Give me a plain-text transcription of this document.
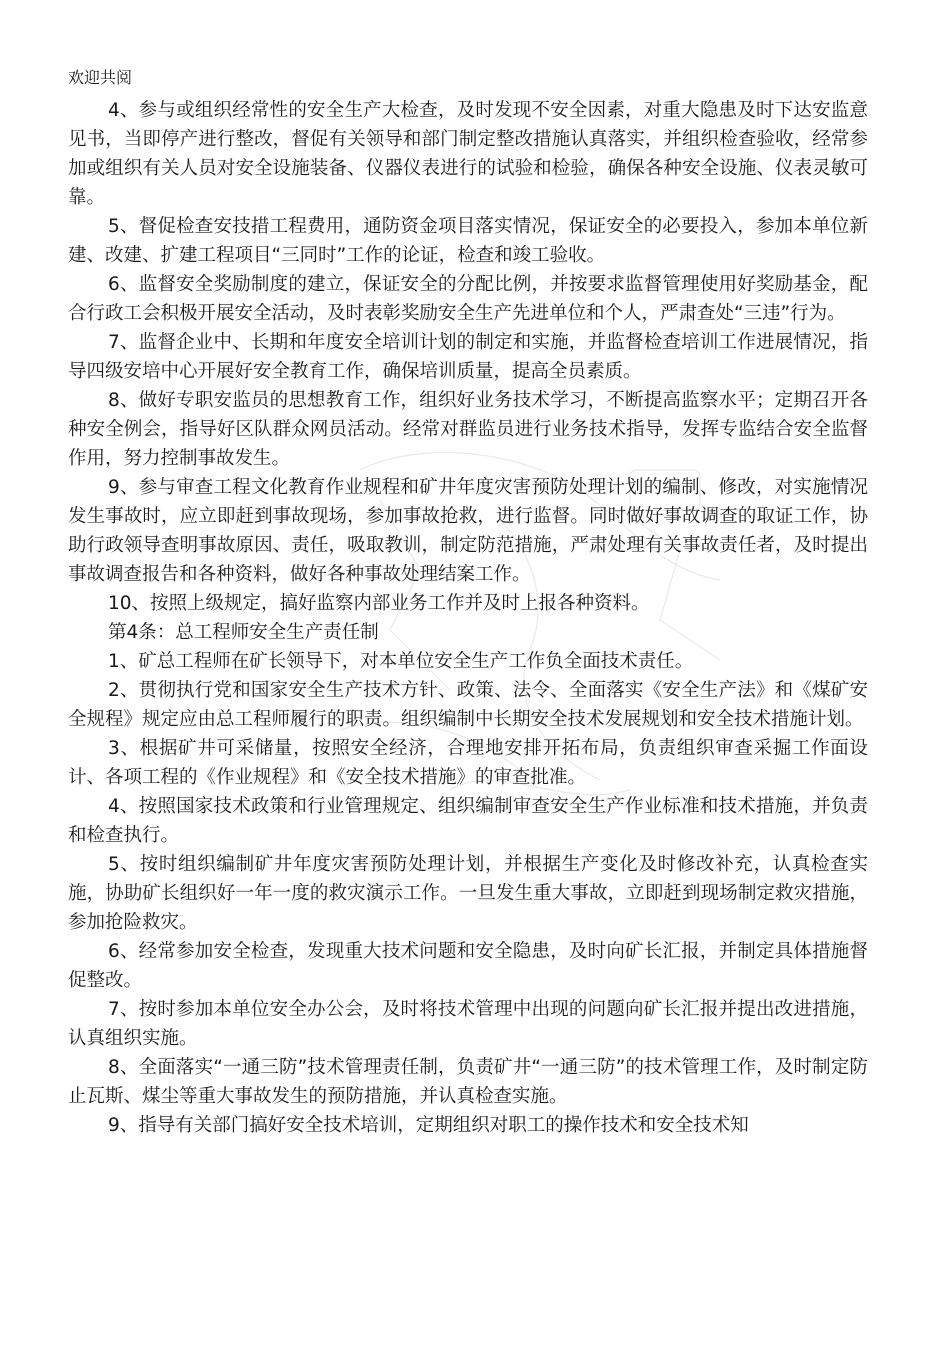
欢迎共阅

4、参与或组织经常性的安全生产大检查，及时发现不安全因素，对重大隐患及时下达安监意见书，当即停产进行整改，督促有关领导和部门制定整改措施认真落实，并组织检查验收，经常参加或组织有关人员对安全设施装备、仪器仪表进行的试验和检验，确保各种安全设施、仪表灵敏可靠。

5、督促检查安技措工程费用，通防资金项目落实情况，保证安全的必要投入，参加本单位新建、改建、扩建工程项目“三同时”工作的论证，检查和竣工验收。

6、监督安全奖励制度的建立，保证安全的分配比例，并按要求监督管理使用好奖励基金，配合行政工会积极开展安全活动，及时表彰奖励安全生产先进单位和个人，严肃查处“三违”行为。

7、监督企业中、长期和年度安全培训计划的制定和实施，并监督检查培训工作进展情况，指导四级安培中心开展好安全教育工作，确保培训质量，提高全员素质。

8、做好专职安监员的思想教育工作，组织好业务技术学习，不断提高监察水平；定期召开各种安全例会，指导好区队群众网员活动。经常对群监员进行业务技术指导，发挥专监结合安全监督作用，努力控制事故发生。

9、参与审查工程文化教育作业规程和矿井年度灾害预防处理计划的编制、修改，对实施情况发生事故时，应立即赶到事故现场，参加事故抢救，进行监督。同时做好事故调查的取证工作，协助行政领导查明事故原因、责任，吸取教训，制定防范措施，严肃处理有关事故责任者，及时提出事故调查报告和各种资料，做好各种事故处理结案工作。

10、按照上级规定，搞好监察内部业务工作并及时上报各种资料。

第4条：总工程师安全生产责任制

1、矿总工程师在矿长领导下，对本单位安全生产工作负全面技术责任。

2、贯彻执行党和国家安全生产技术方针、政策、法令、全面落实《安全生产法》和《煤矿安全规程》规定应由总工程师履行的职责。组织编制中长期安全技术发展规划和安全技术措施计划。

3、根据矿井可采储量，按照安全经济，合理地安排开拓布局，负责组织审查采掘工作面设计、各项工程的《作业规程》和《安全技术措施》的审查批准。

4、按照国家技术政策和行业管理规定、组织编制审查安全生产作业标准和技术措施，并负责和检查执行。

5、按时组织编制矿井年度灾害预防处理计划，并根据生产变化及时修改补充，认真检查实施，协助矿长组织好一年一度的救灾演示工作。一旦发生重大事故，立即赶到现场制定救灾措施，参加抢险救灾。

6、经常参加安全检查，发现重大技术问题和安全隐患，及时向矿长汇报，并制定具体措施督促整改。

7、按时参加本单位安全办公会，及时将技术管理中出现的问题向矿长汇报并提出改进措施，认真组织实施。

8、全面落实“一通三防”技术管理责任制，负责矿井“一通三防”的技术管理工作，及时制定防止瓦斯、煤尘等重大事故发生的预防措施，并认真检查实施。

9、指导有关部门搞好安全技术培训，定期组织对职工的操作技术和安全技术知
